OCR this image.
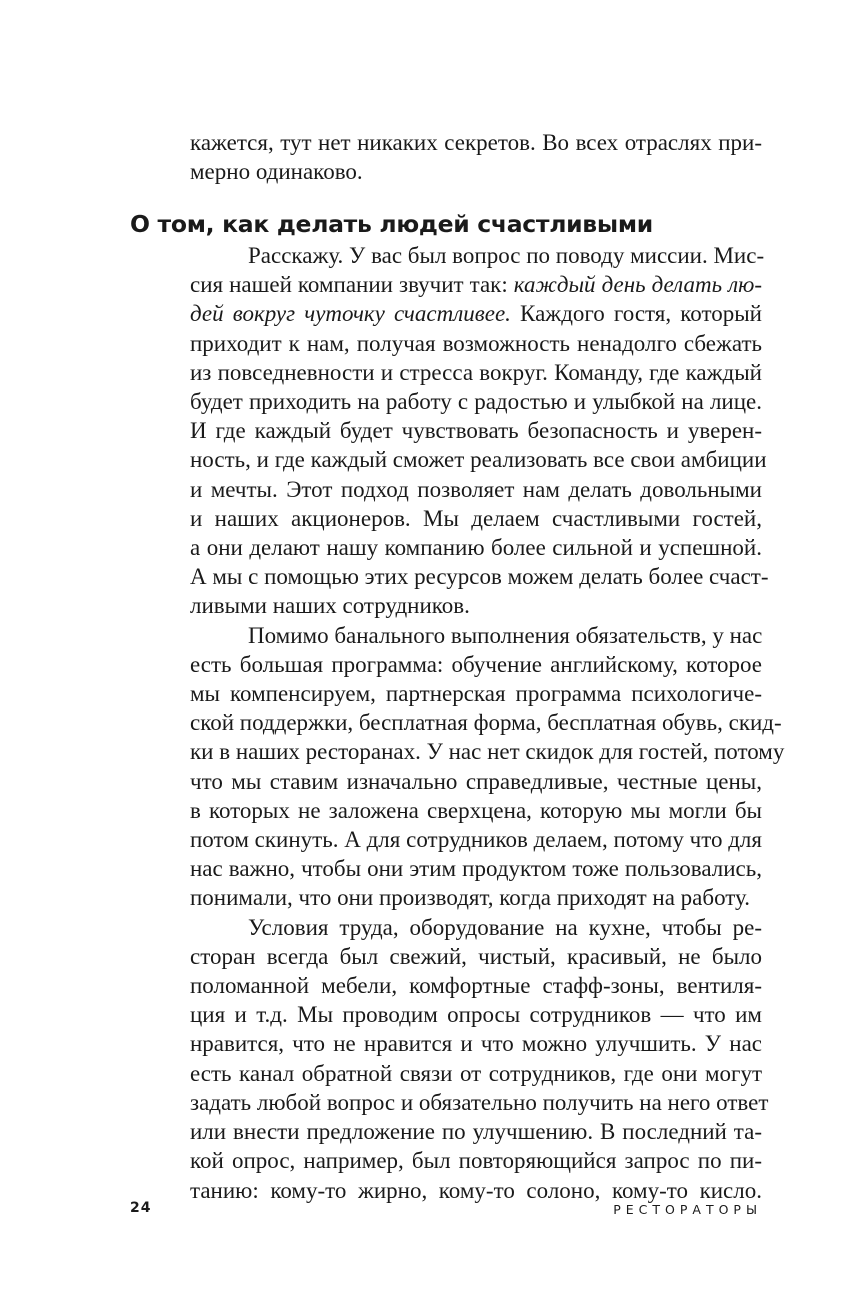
кажется, тут нет никаких секретов. Во всех отраслях при-
мерно одинаково.
О том, как делать людей счастливыми
Расскажу. У вас был вопрос по поводу миссии. Мис-
сия нашей компании звучит так: каждый день делать лю-
дей вокруг чуточку счастливее. Каждого гостя, который
приходит к нам, получая возможность ненадолго сбежать
из повседневности и стресса вокруг. Команду, где каждый
будет приходить на работу с радостью и улыбкой на лице.
И где каждый будет чувствовать безопасность и уверен-
ность, и где каждый сможет реализовать все свои амбиции
и мечты. Этот подход позволяет нам делать довольными
и наших акционеров. Мы делаем счастливыми гостей,
а они делают нашу компанию более сильной и успешной.
А мы с помощью этих ресурсов можем делать более счаст-
ливыми наших сотрудников.
Помимо банального выполнения обязательств, у нас
есть большая программа: обучение английскому, которое
мы компенсируем, партнерская программа психологиче-
ской поддержки, бесплатная форма, бесплатная обувь, скид-
ки в наших ресторанах. У нас нет скидок для гостей, потому
что мы ставим изначально справедливые, честные цены,
в которых не заложена сверхцена, которую мы могли бы
потом скинуть. А для сотрудников делаем, потому что для
нас важно, чтобы они этим продуктом тоже пользовались,
понимали, что они производят, когда приходят на работу.
Условия труда, оборудование на кухне, чтобы ре-
сторан всегда был свежий, чистый, красивый, не было
поломанной мебели, комфортные стафф-зоны, вентиля-
ция и т.д. Мы проводим опросы сотрудников — что им
нравится, что не нравится и что можно улучшить. У нас
есть канал обратной связи от сотрудников, где они могут
задать любой вопрос и обязательно получить на него ответ
или внести предложение по улучшению. В последний та-
кой опрос, например, был повторяющийся запрос по пи-
танию: кому-то жирно, кому-то солоно, кому-то кисло.
24	РЕСТОРАТОРЫ
